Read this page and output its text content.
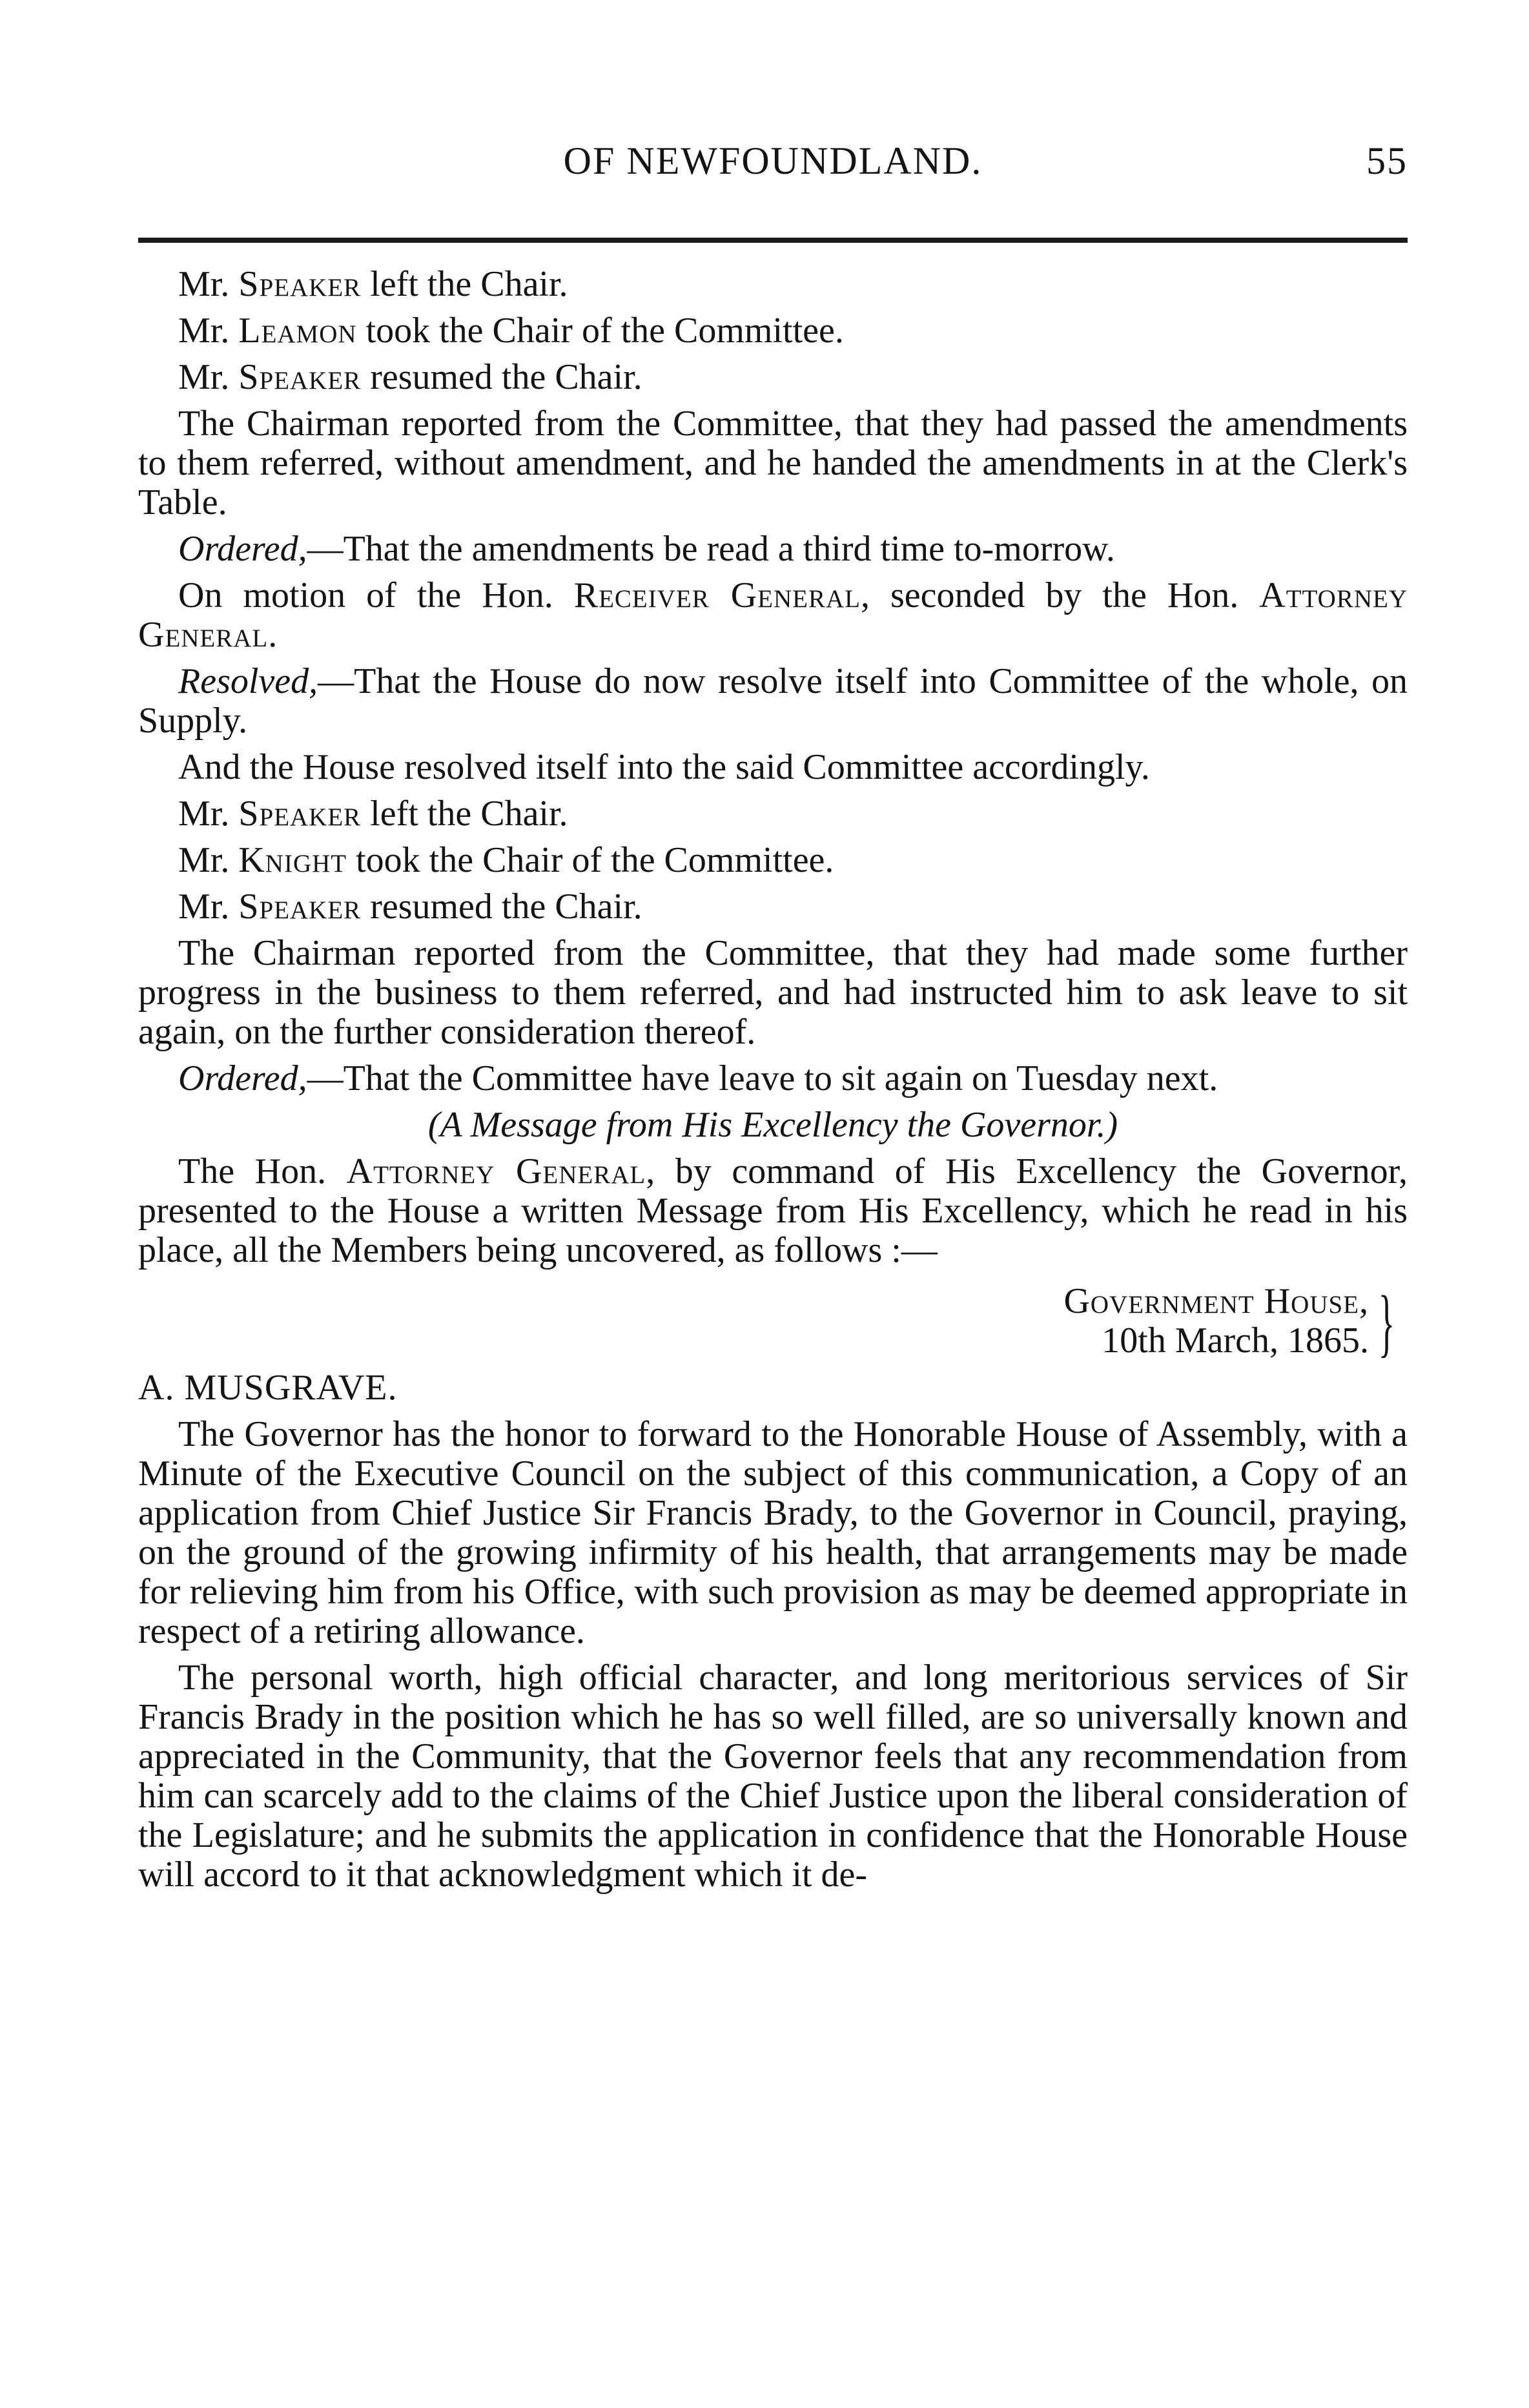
OF NEWFOUNDLAND.	55

Mr. Speaker left the Chair.

Mr. Leamon took the Chair of the Committee.

Mr. Speaker resumed the Chair.

The Chairman reported from the Committee, that they had passed the amendments to them referred, without amendment, and he handed the amendments in at the Clerk's Table.

Ordered,—That the amendments be read a third time to-morrow.

On motion of the Hon. Receiver General, seconded by the Hon. Attorney General.

Resolved,—That the House do now resolve itself into Committee of the whole, on Supply.

And the House resolved itself into the said Committee accordingly.

Mr. Speaker left the Chair.

Mr. Knight took the Chair of the Committee.

Mr. Speaker resumed the Chair.

The Chairman reported from the Committee, that they had made some further progress in the business to them referred, and had instructed him to ask leave to sit again, on the further consideration thereof.

Ordered,—That the Committee have leave to sit again on Tuesday next.

(A Message from His Excellency the Governor.)

The Hon. Attorney General, by command of His Excellency the Governor, presented to the House a written Message from His Excellency, which he read in his place, all the Members being uncovered, as follows :—

Government House,
10th March, 1865. }

A. MUSGRAVE.

The Governor has the honor to forward to the Honorable House of Assembly, with a Minute of the Executive Council on the subject of this communication, a Copy of an application from Chief Justice Sir Francis Brady, to the Governor in Council, praying, on the ground of the growing infirmity of his health, that arrangements may be made for relieving him from his Office, with such provision as may be deemed appropriate in respect of a retiring allowance.

The personal worth, high official character, and long meritorious services of Sir Francis Brady in the position which he has so well filled, are so universally known and appreciated in the Community, that the Governor feels that any recommendation from him can scarcely add to the claims of the Chief Justice upon the liberal consideration of the Legislature; and he submits the application in confidence that the Honorable House will accord to it that acknowledgment which it de-
